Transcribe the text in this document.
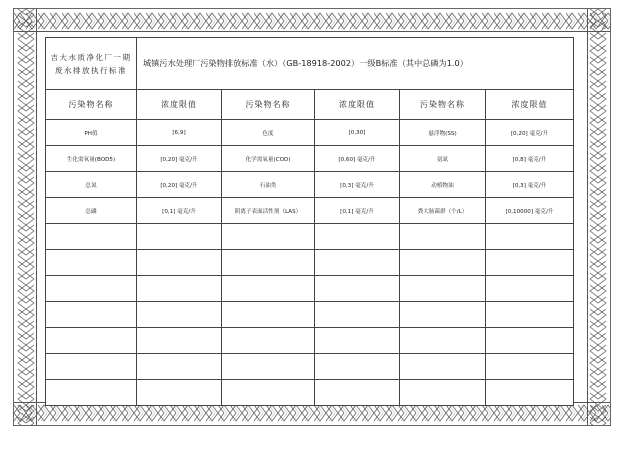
吉大水质净化厂一期废水排放执行标准	城镇污水处理厂污染物排放标准（水）（GB-18918-2002）一级B标准（其中总磷为1.0）				
污染物名称	浓度限值	污染物名称	浓度限值	污染物名称	浓度限值
PH值	[6,9]	色度	[0,30]	悬浮物(SS)	[0,20] 毫克/升
生化需氧量(BOD5)	[0,20] 毫克/升	化学需氧量(COD)	[0,60] 毫克/升	氨氮	[0,8] 毫克/升
总氮	[0,20] 毫克/升	石油类	[0,3] 毫克/升	动植物油	[0,3] 毫克/升
总磷	[0,1] 毫克/升	阴离子表面活性剂（LAS）	[0,1] 毫克/升	粪大肠菌群（个/L）	[0,10000] 毫克/升
